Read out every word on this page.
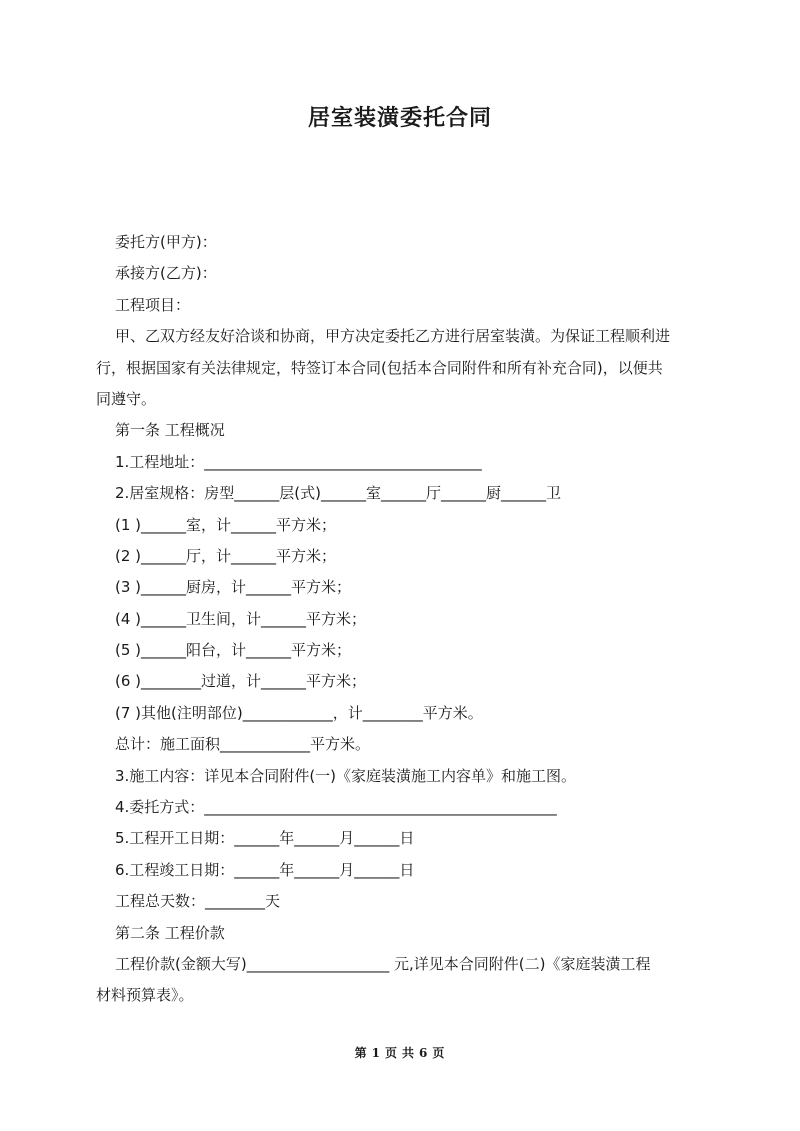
居室装潢委托合同
委托方(甲方)：
承接方(乙方)：
工程项目：
甲、乙双方经友好洽谈和协商，甲方决定委托乙方进行居室装潢。为保证工程顺利进
行，根据国家有关法律规定，特签订本合同(包括本合同附件和所有补充合同)，以便共
同遵守。
第一条 工程概况
1.工程地址：_____________________________________
2.居室规格：房型______层(式)______室______厅______厨______卫
(1 )______室，计______平方米；
(2 )______厅，计______平方米；
(3 )______厨房，计______平方米；
(4 )______卫生间，计______平方米；
(5 )______阳台，计______平方米；
(6 )________过道，计______平方米；
(7 )其他(注明部位)____________，计________平方米。
总计：施工面积____________平方米。
3.施工内容：详见本合同附件(一)《家庭装潢施工内容单》和施工图。
4.委托方式：_______________________________________________
5.工程开工日期：______年______月______日
6.工程竣工日期：______年______月______日
工程总天数：________天
第二条 工程价款
工程价款(金额大写)___________________ 元,详见本合同附件(二)《家庭装潢工程
材料预算表》。
第 1 页 共 6 页
